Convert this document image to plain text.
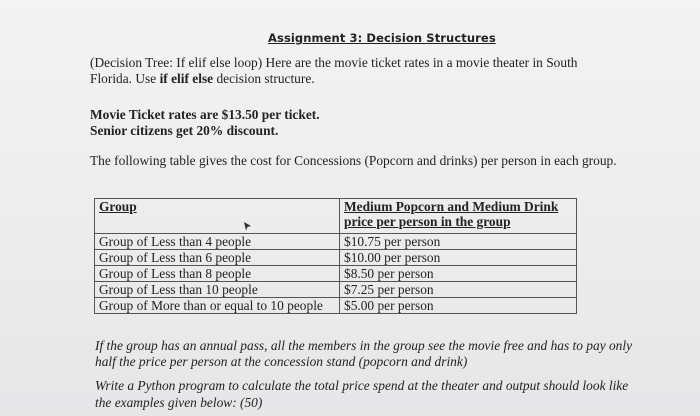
Assignment 3: Decision Structures
(Decision Tree: If elif else loop) Here are the movie ticket rates in a movie theater in South Florida. Use if elif else decision structure.
Movie Ticket rates are $13.50 per ticket.
Senior citizens get 20% discount.
The following table gives the cost for Concessions (Popcorn and drinks) per person in each group.
Group	Medium Popcorn and Medium Drink price per person in the group
Group of Less than 4 people	$10.75 per person
Group of Less than 6 people	$10.00 per person
Group of Less than 8 people	$8.50 per person
Group of Less than 10 people	$7.25 per person
Group of More than or equal to 10 people	$5.00 per person
If the group has an annual pass, all the members in the group see the movie free and has to pay only half the price per person at the concession stand (popcorn and drink)
Write a Python program to calculate the total price spend at the theater and output should look like the examples given below: (50)
